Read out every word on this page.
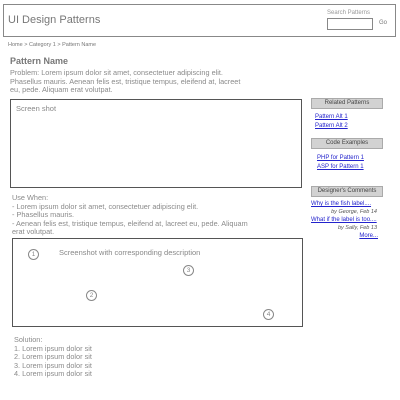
UI Design Patterns
Search Patterns
Go
Home > Category 1 > Pattern Name
Pattern Name
Problem: Lorem ipsum dolor sit amet, consectetuer adipiscing elit.
Phasellus mauris. Aenean felis est, tristique tempus, eleifend at, lacreet
eu, pede. Aliquam erat volutpat.
Screen shot
Use When:
- Lorem ipsum dolor sit amet, consectetuer adipiscing elit.
- Phasellus mauris.
- Aenean felis est, tristique tempus, eleifend at, lacreet eu, pede. Aliquam
erat volutpat.
Screenshot with corresponding description
1
2
3
4
Solution:
1. Lorem ipsum dolor sit
2. Lorem ipsum dolor sit
3. Lorem ipsum dolor sit
4. Lorem ipsum dolor sit
Related Patterns
Pattern Alt 1
Pattern Alt 2
Code Examples
PHP for Pattern 1
ASP for Pattern 1
Designer's Comments
Why is the fish label....
by George, Feb 14
What if the label is too....
by Sally, Feb 13
More...
